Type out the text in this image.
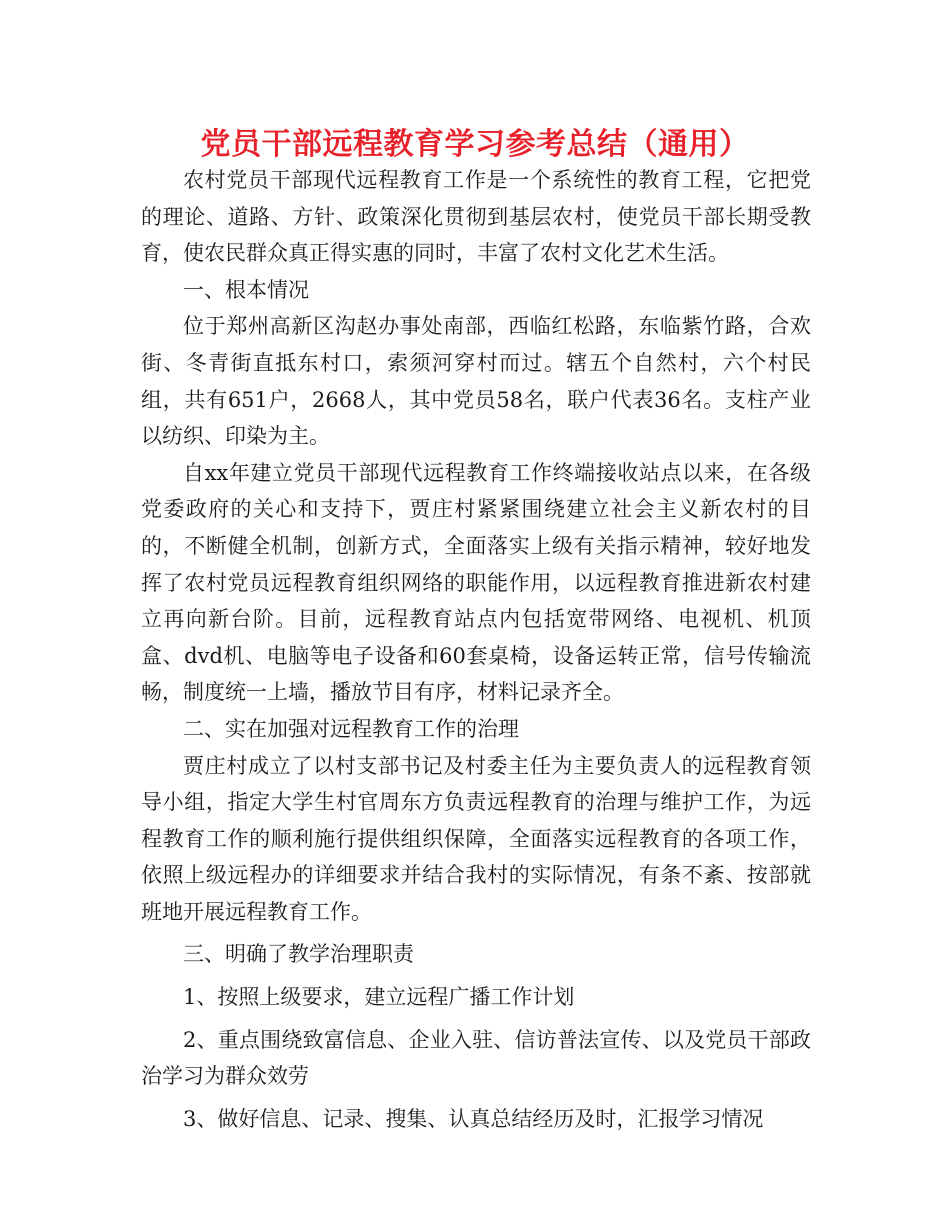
党员干部远程教育学习参考总结（通用）

农村党员干部现代远程教育工作是一个系统性的教育工程，它把党的理论、道路、方针、政策深化贯彻到基层农村，使党员干部长期受教育，使农民群众真正得实惠的同时，丰富了农村文化艺术生活。

一、根本情况

位于郑州高新区沟赵办事处南部，西临红松路，东临紫竹路，合欢街、冬青街直抵东村口，索须河穿村而过。辖五个自然村，六个村民组，共有651户，2668人，其中党员58名，联户代表36名。支柱产业以纺织、印染为主。

自xx年建立党员干部现代远程教育工作终端接收站点以来，在各级党委政府的关心和支持下，贾庄村紧紧围绕建立社会主义新农村的目的，不断健全机制，创新方式，全面落实上级有关指示精神，较好地发挥了农村党员远程教育组织网络的职能作用，以远程教育推进新农村建立再向新台阶。目前，远程教育站点内包括宽带网络、电视机、机顶盒、dvd机、电脑等电子设备和60套桌椅，设备运转正常，信号传输流畅，制度统一上墙，播放节目有序，材料记录齐全。

二、实在加强对远程教育工作的治理

贾庄村成立了以村支部书记及村委主任为主要负责人的远程教育领导小组，指定大学生村官周东方负责远程教育的治理与维护工作，为远程教育工作的顺利施行提供组织保障，全面落实远程教育的各项工作，依照上级远程办的详细要求并结合我村的实际情况，有条不紊、按部就班地开展远程教育工作。

三、明确了教学治理职责

1、按照上级要求，建立远程广播工作计划

2、重点围绕致富信息、企业入驻、信访普法宣传、以及党员干部政治学习为群众效劳

3、做好信息、记录、搜集、认真总结经历及时，汇报学习情况
